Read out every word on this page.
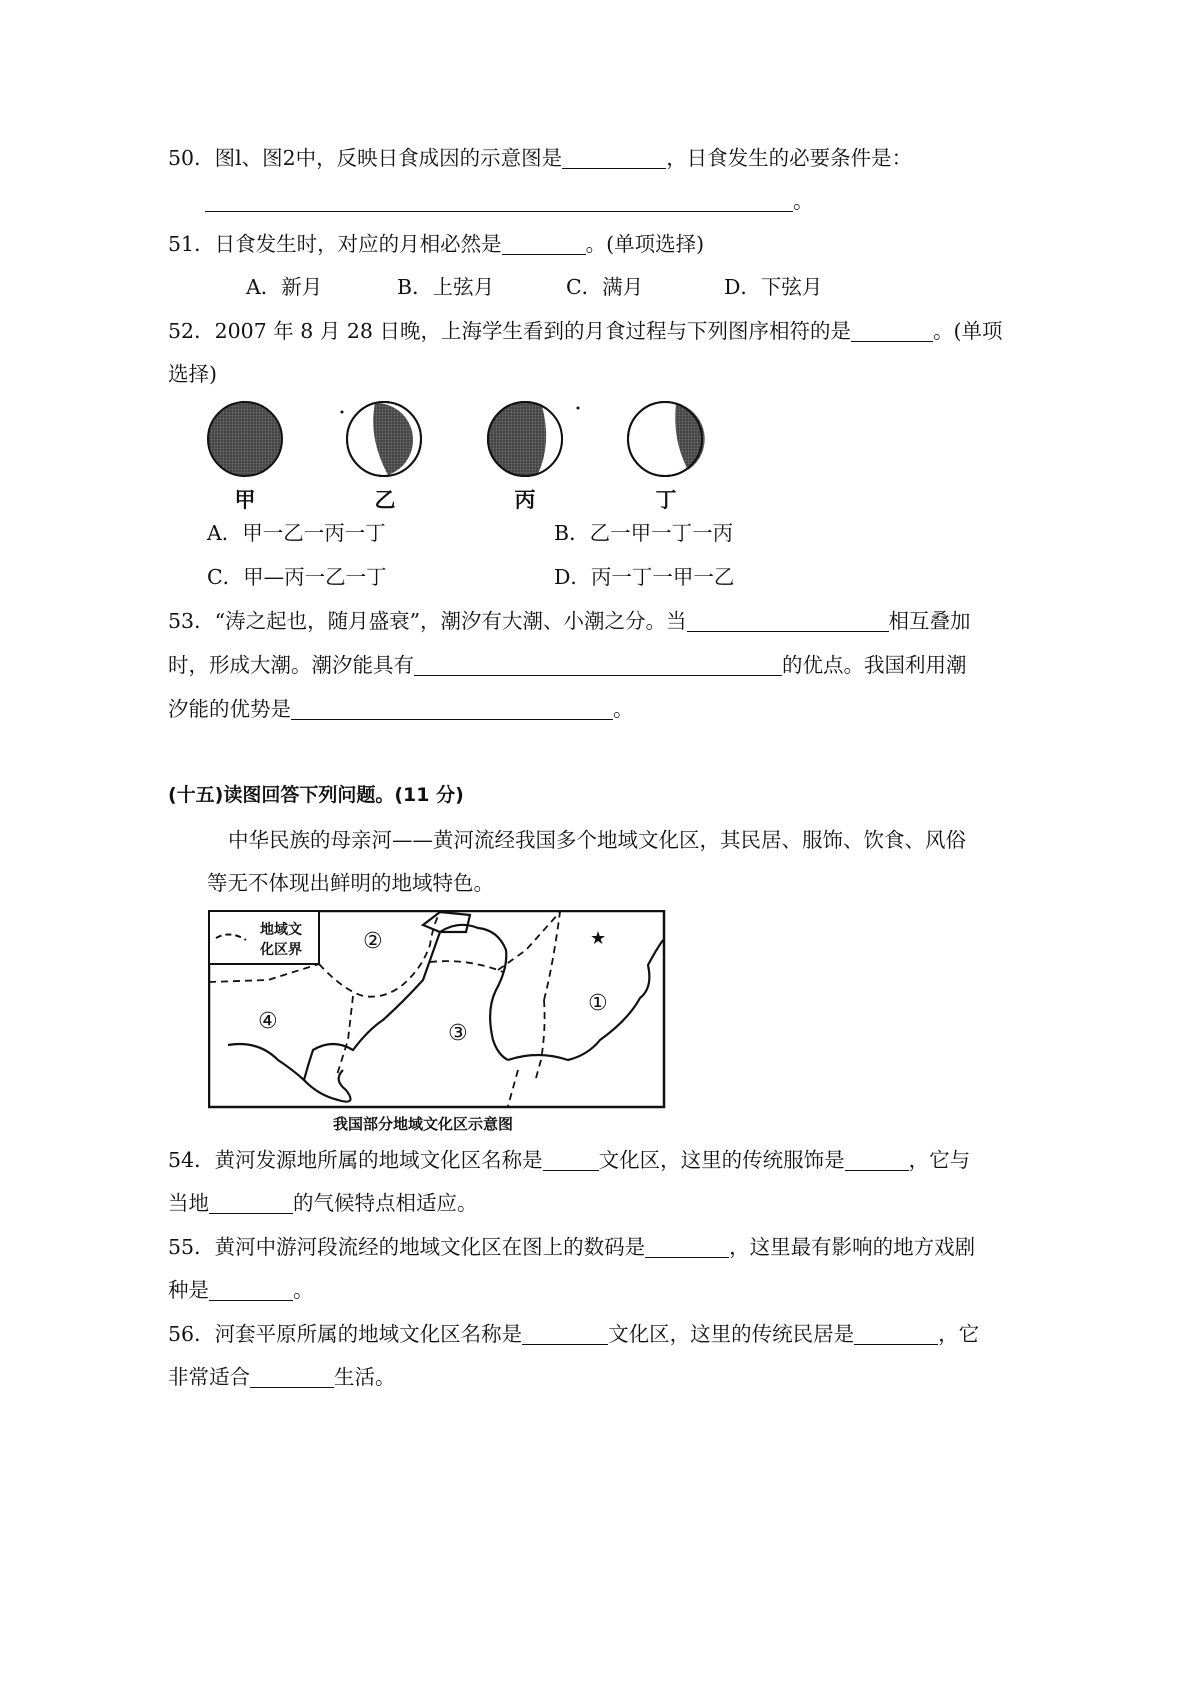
50．图l、图2中，反映日食成因的示意图是	，日食发生的必要条件是：
。
51．日食发生时，对应的月相必然是	。(单项选择)
A．新月	B．上弦月	C．满月	D．下弦月
52．2007 年 8 月 28 日晚，上海学生看到的月食过程与下列图序相符的是	。(单项
选择)
甲	乙	丙	丁
A．甲一乙一丙一丁	B．乙一甲一丁一丙
C．甲—丙一乙一丁	D．丙一丁一甲一乙
53．“涛之起也，随月盛衰”，潮汐有大潮、小潮之分。当	相互叠加
时，形成大潮。潮汐能具有	的优点。我国利用潮
汐能的优势是	。
(十五)读图回答下列问题。(11 分)
中华民族的母亲河——黄河流经我国多个地域文化区，其民居、服饰、饮食、风俗
等无不体现出鲜明的地域特色。
地域文
化区界
★
①
②
③
④
我国部分地域文化区示意图
54．黄河发源地所属的地域文化区名称是	文化区，这里的传统服饰是	，它与
当地	的气候特点相适应。
55．黄河中游河段流经的地域文化区在图上的数码是	，这里最有影响的地方戏剧
种是	。
56．河套平原所属的地域文化区名称是	文化区，这里的传统民居是	，它
非常适合	生活。
